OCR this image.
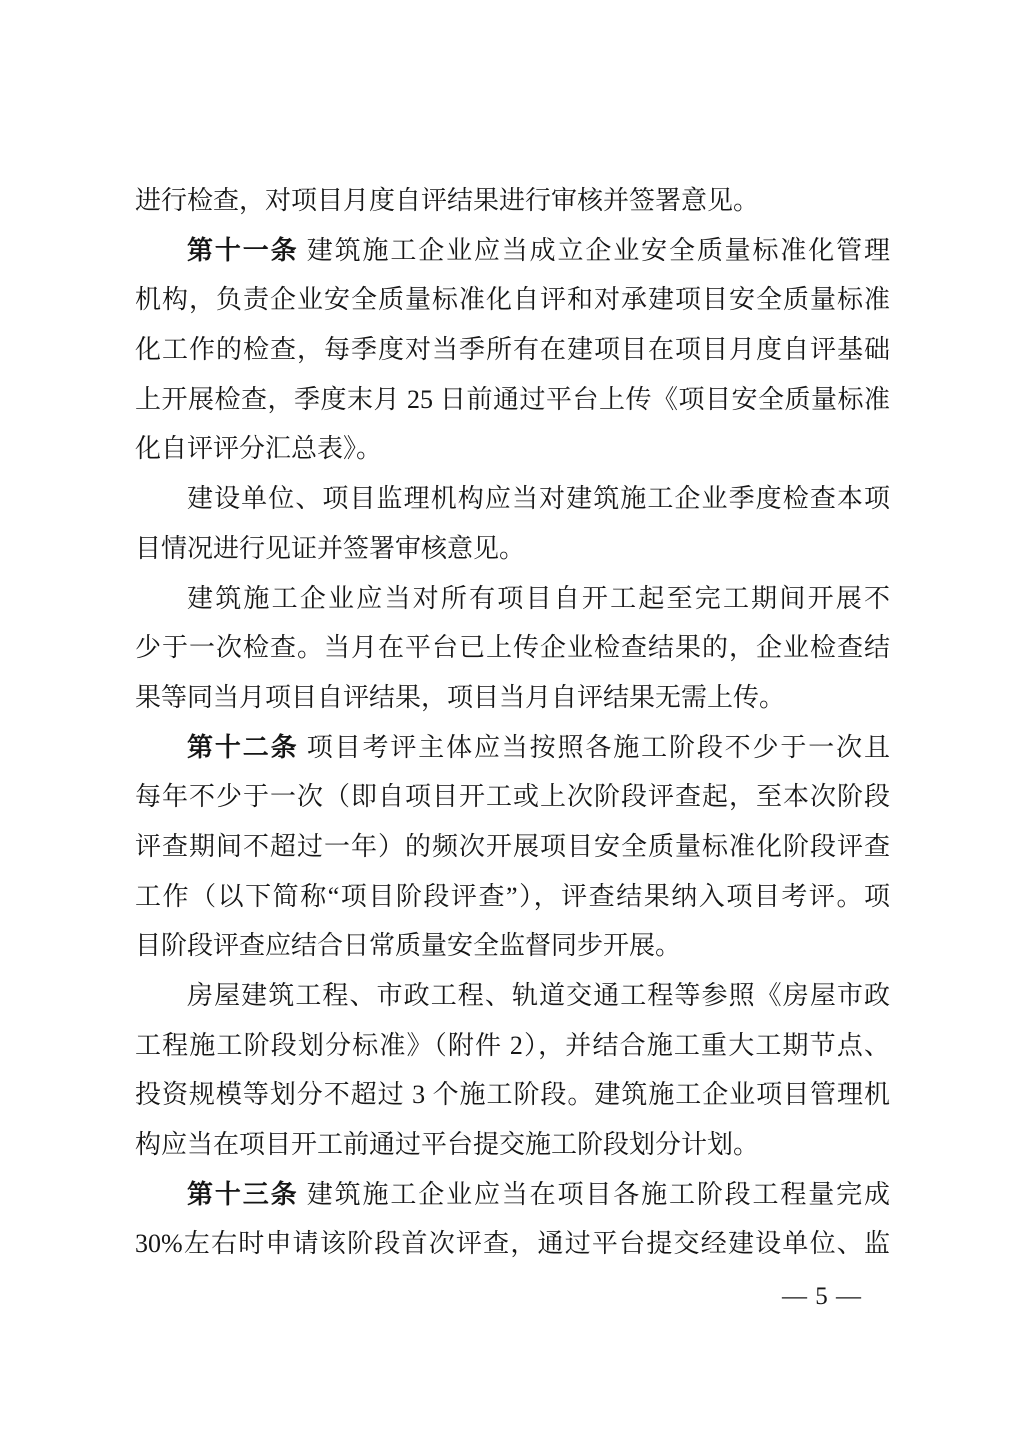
进行检查，对项目月度自评结果进行审核并签署意见。
第十一条 建筑施工企业应当成立企业安全质量标准化管理
机构，负责企业安全质量标准化自评和对承建项目安全质量标准
化工作的检查，每季度对当季所有在建项目在项目月度自评基础
上开展检查，季度末月 25 日前通过平台上传《项目安全质量标准
化自评评分汇总表》。
建设单位、项目监理机构应当对建筑施工企业季度检查本项
目情况进行见证并签署审核意见。
建筑施工企业应当对所有项目自开工起至完工期间开展不
少于一次检查。当月在平台已上传企业检查结果的，企业检查结
果等同当月项目自评结果，项目当月自评结果无需上传。
第十二条 项目考评主体应当按照各施工阶段不少于一次且
每年不少于一次（即自项目开工或上次阶段评查起，至本次阶段
评查期间不超过一年）的频次开展项目安全质量标准化阶段评查
工作（以下简称“项目阶段评查”），评查结果纳入项目考评。项
目阶段评查应结合日常质量安全监督同步开展。
房屋建筑工程、市政工程、轨道交通工程等参照《房屋市政
工程施工阶段划分标准》（附件 2），并结合施工重大工期节点、
投资规模等划分不超过 3 个施工阶段。建筑施工企业项目管理机
构应当在项目开工前通过平台提交施工阶段划分计划。
第十三条 建筑施工企业应当在项目各施工阶段工程量完成
30%左右时申请该阶段首次评查，通过平台提交经建设单位、监
— 5 —
